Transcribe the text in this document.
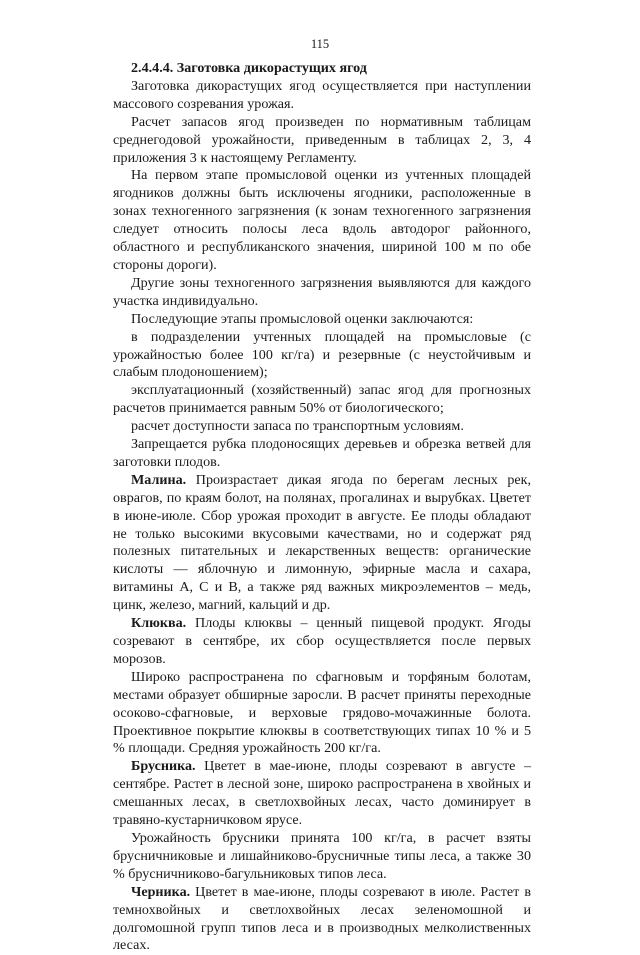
115

2.4.4.4. Заготовка дикорастущих ягод

Заготовка дикорастущих ягод осуществляется при наступлении массового созревания урожая.

Расчет запасов ягод произведен по нормативным таблицам среднегодовой урожайности, приведенным в таблицах 2, 3, 4 приложения 3 к настоящему Регламенту.

На первом этапе промысловой оценки из учтенных площадей ягодников должны быть исключены ягодники, расположенные в зонах техногенного загрязнения (к зонам техногенного загрязнения следует относить полосы леса вдоль автодорог районного, областного и республиканского значения, шириной 100 м по обе стороны дороги).

Другие зоны техногенного загрязнения выявляются для каждого участка индивидуально.

Последующие этапы промысловой оценки заключаются:

в подразделении учтенных площадей на промысловые (с урожайностью более 100 кг/га) и резервные (с неустойчивым и слабым плодоношением);

эксплуатационный (хозяйственный) запас ягод для прогнозных расчетов принимается равным 50% от биологического;

расчет доступности запаса по транспортным условиям.

Запрещается рубка плодоносящих деревьев и обрезка ветвей для заготовки плодов.

Малина. Произрастает дикая ягода по берегам лесных рек, оврагов, по краям болот, на полянах, прогалинах и вырубках. Цветет в июне-июле. Сбор урожая проходит в августе. Ее плоды обладают не только высокими вкусовыми качествами, но и содержат ряд полезных питательных и лекарственных веществ: органические кислоты — яблочную и лимонную, эфирные масла и сахара, витамины А, С и В, а также ряд важных микроэлементов – медь, цинк, железо, магний, кальций и др.

Клюква. Плоды клюквы – ценный пищевой продукт. Ягоды созревают в сентябре, их сбор осуществляется после первых морозов.

Широко распространена по сфагновым и торфяным болотам, местами образует обширные заросли. В расчет приняты переходные осоково-сфагновые, и верховые грядово-мочажинные болота. Проективное покрытие клюквы в соответствующих типах 10 % и 5 % площади. Средняя урожайность 200 кг/га.

Брусника. Цветет в мае-июне, плоды созревают в августе – сентябре. Растет в лесной зоне, широко распространена в хвойных и смешанных лесах, в светлохвойных лесах, часто доминирует в травяно-кустарничковом ярусе.

Урожайность брусники принята 100 кг/га, в расчет взяты брусничниковые и лишайниково-брусничные типы леса, а также 30 % брусничниково-багульниковых типов леса.

Черника. Цветет в мае-июне, плоды созревают в июле. Растет в темнохвойных и светлохвойных лесах зеленомошной и долгомошной групп типов леса и в производных мелколиственных лесах.
